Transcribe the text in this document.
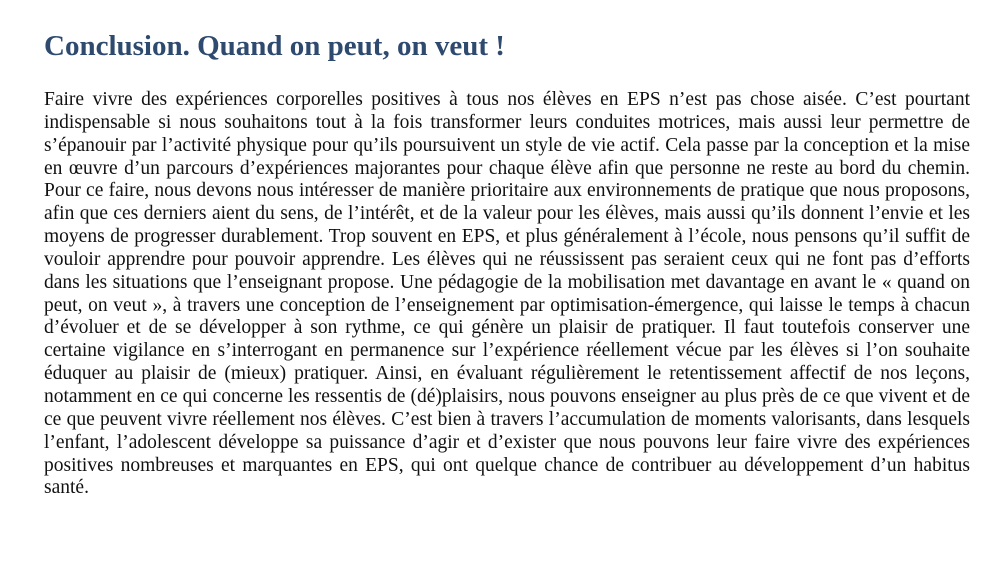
Conclusion. Quand on peut, on veut !

Faire vivre des expériences corporelles positives à tous nos élèves en EPS n’est pas chose aisée. C’est pourtant indispensable si nous souhaitons tout à la fois transformer leurs conduites motrices, mais aussi leur permettre de s’épanouir par l’activité physique pour qu’ils poursuivent un style de vie actif. Cela passe par la conception et la mise en œuvre d’un parcours d’expériences majorantes pour chaque élève afin que personne ne reste au bord du chemin. Pour ce faire, nous devons nous intéresser de manière prioritaire aux environnements de pratique que nous proposons, afin que ces derniers aient du sens, de l’intérêt, et de la valeur pour les élèves, mais aussi qu’ils donnent l’envie et les moyens de progresser durablement. Trop souvent en EPS, et plus généralement à l’école, nous pensons qu’il suffit de vouloir apprendre pour pouvoir apprendre. Les élèves qui ne réussissent pas seraient ceux qui ne font pas d’efforts dans les situations que l’enseignant propose. Une pédagogie de la mobilisation met davantage en avant le « quand on peut, on veut », à travers une conception de l’enseignement par optimisation-émergence, qui laisse le temps à chacun d’évoluer et de se développer à son rythme, ce qui génère un plaisir de pratiquer. Il faut toutefois conserver une certaine vigilance en s’interrogant en permanence sur l’expérience réellement vécue par les élèves si l’on souhaite éduquer au plaisir de (mieux) pratiquer. Ainsi, en évaluant régulièrement le retentissement affectif de nos leçons, notamment en ce qui concerne les ressentis de (dé)plaisirs, nous pouvons enseigner au plus près de ce que vivent et de ce que peuvent vivre réellement nos élèves. C’est bien à travers l’accumulation de moments valorisants, dans lesquels l’enfant, l’adolescent développe sa puissance d’agir et d’exister que nous pouvons leur faire vivre des expériences positives nombreuses et marquantes en EPS, qui ont quelque chance de contribuer au développement d’un habitus santé.
